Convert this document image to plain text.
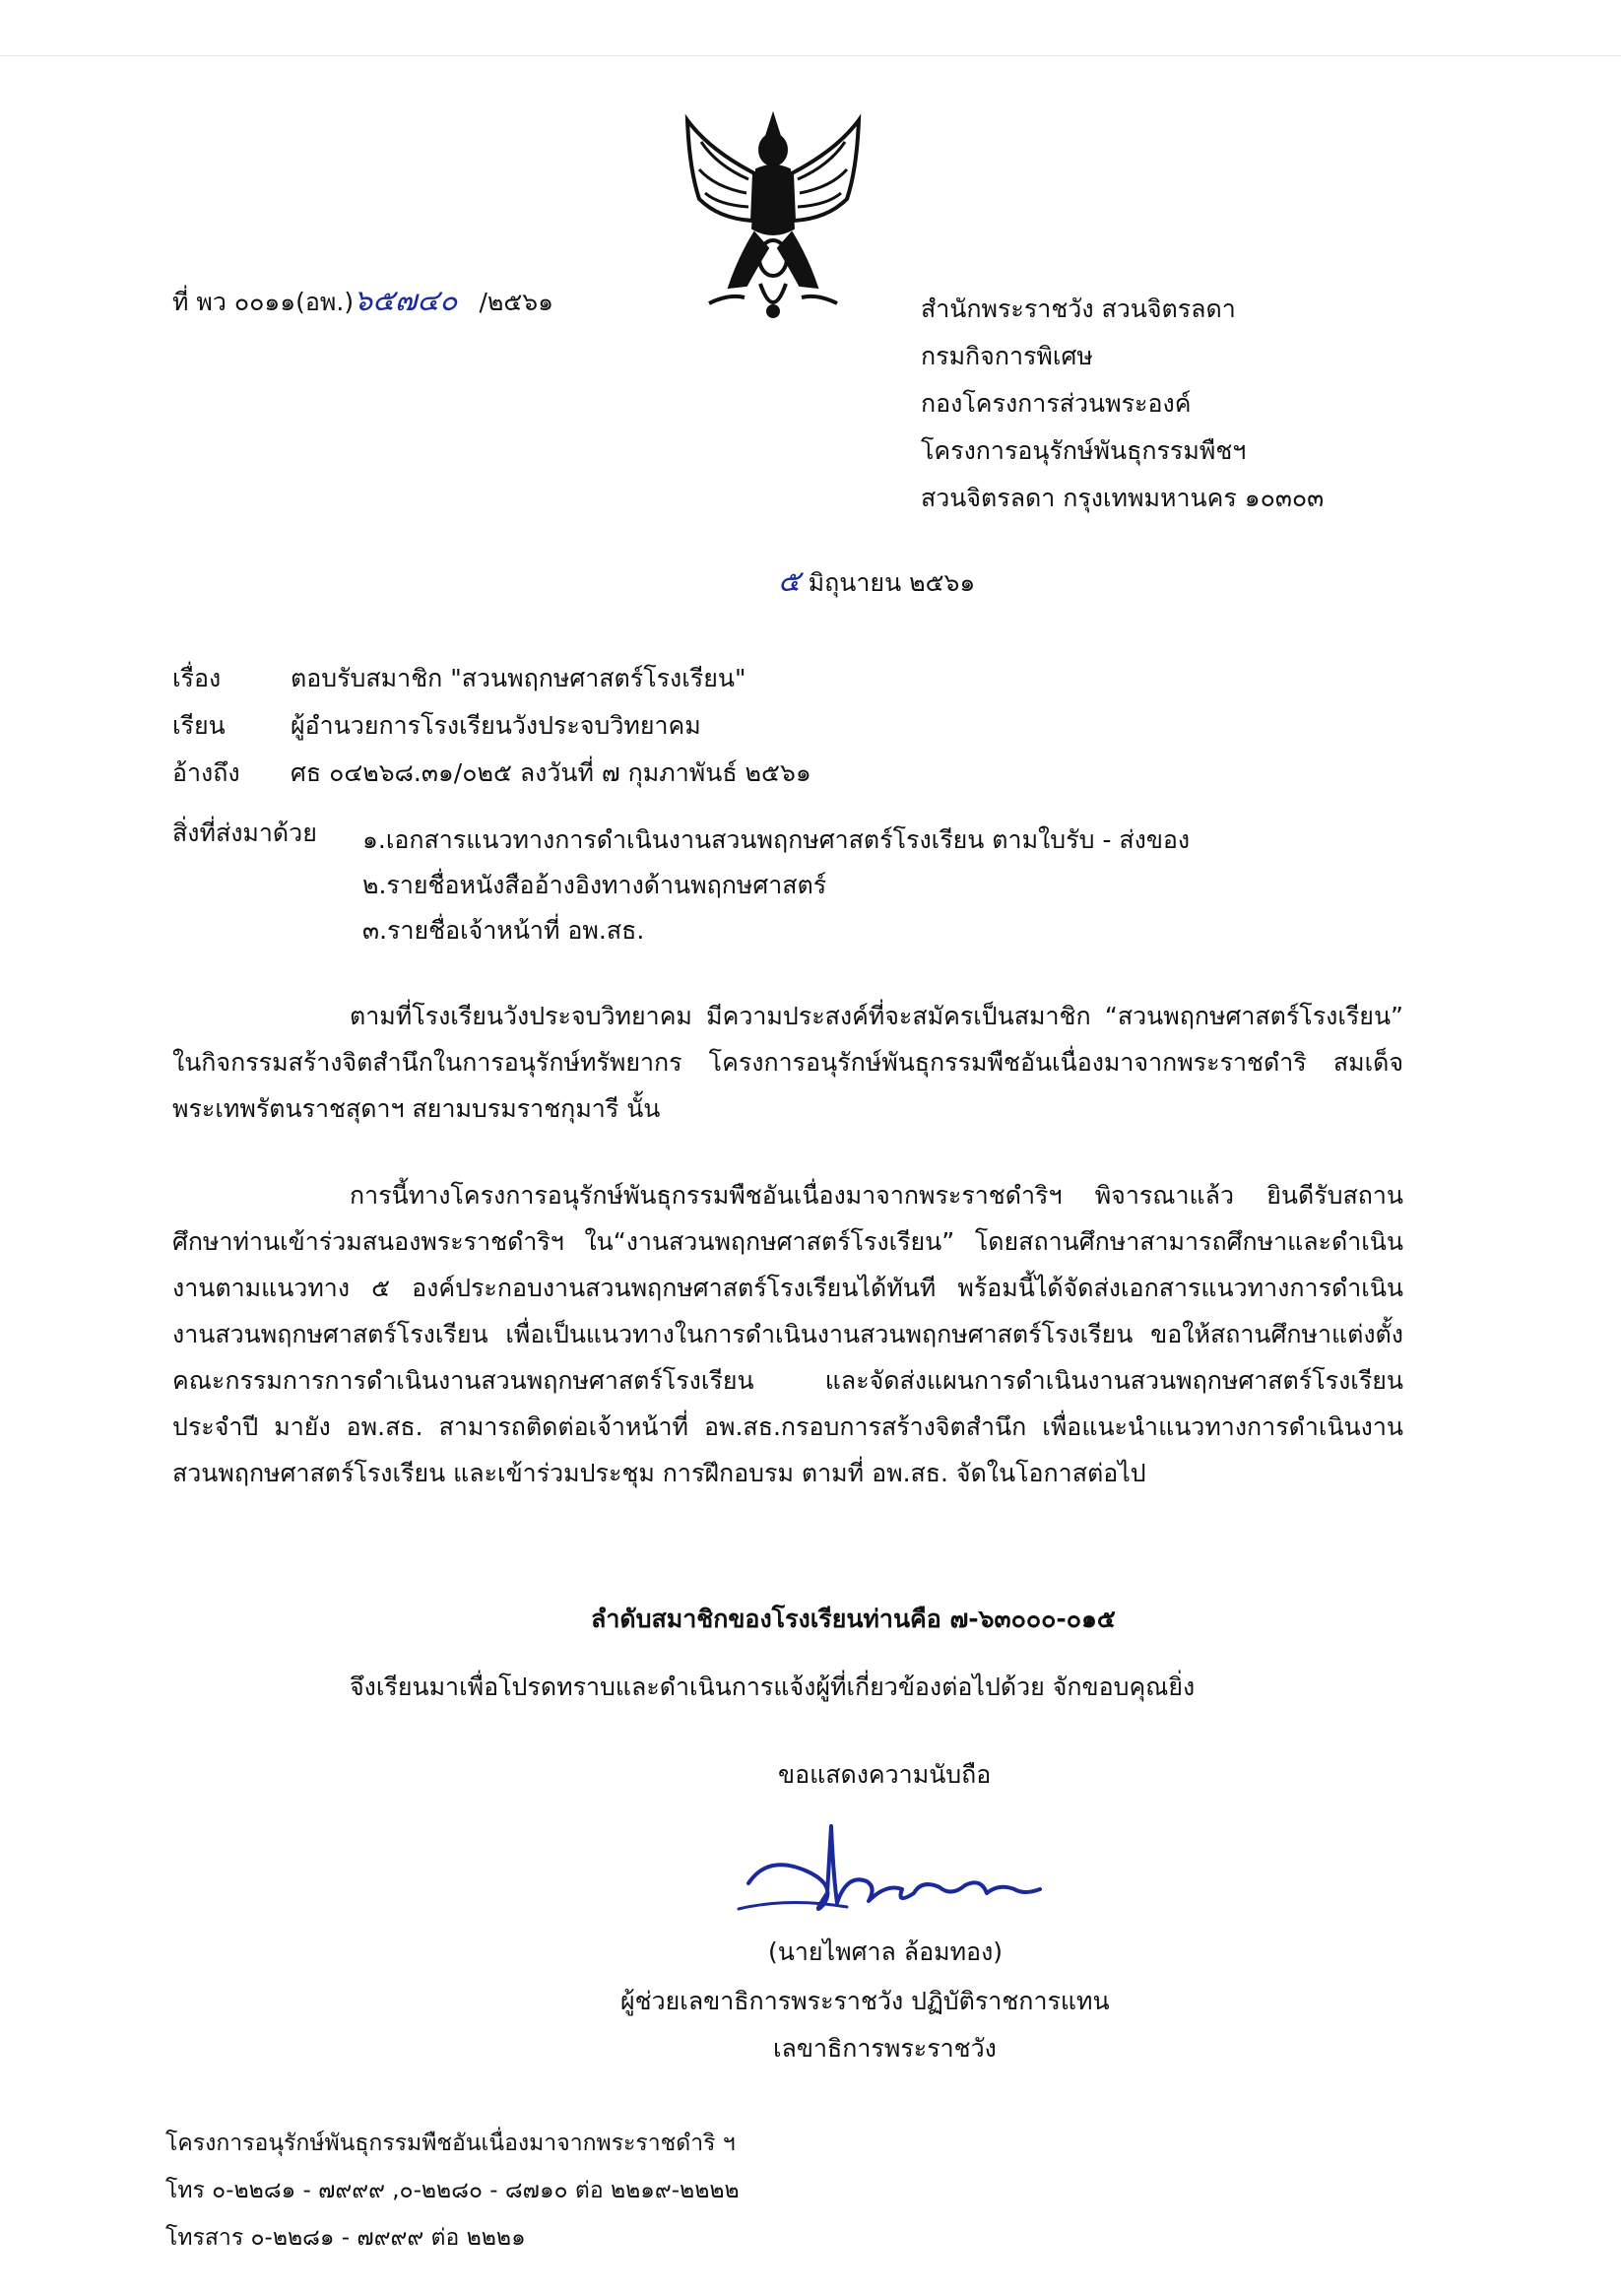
ที่ พว ๐๐๑๑(อพ.)๖๕๗๔๐ /๒๕๖๑	สำนักพระราชวัง สวนจิตรลดา
กรมกิจการพิเศษ
กองโครงการส่วนพระองค์
โครงการอนุรักษ์พันธุกรรมพืชฯ
สวนจิตรลดา กรุงเทพมหานคร ๑๐๓๐๓
๕ มิถุนายน ๒๕๖๑
เรื่อง	ตอบรับสมาชิก "สวนพฤกษศาสตร์โรงเรียน"
เรียน	ผู้อำนวยการโรงเรียนวังประจบวิทยาคม
อ้างถึง ศธ ๐๔๒๖๘.๓๑/๐๒๕ ลงวันที่ ๗ กุมภาพันธ์ ๒๕๖๑
สิ่งที่ส่งมาด้วย ๑.เอกสารแนวทางการดำเนินงานสวนพฤกษศาสตร์โรงเรียน ตามใบรับ - ส่งของ
๒.รายชื่อหนังสืออ้างอิงทางด้านพฤกษศาสตร์
๓.รายชื่อเจ้าหน้าที่ อพ.สธ.
ตามที่โรงเรียนวังประจบวิทยาคม มีความประสงค์ที่จะสมัครเป็นสมาชิก “สวนพฤกษศาสตร์โรงเรียน” ในกิจกรรมสร้างจิตสำนึกในการอนุรักษ์ทรัพยากร โครงการอนุรักษ์พันธุกรรมพืชอันเนื่องมาจากพระราชดำริ สมเด็จพระเทพรัตนราชสุดาฯ สยามบรมราชกุมารี นั้น
การนี้ทางโครงการอนุรักษ์พันธุกรรมพืชอันเนื่องมาจากพระราชดำริฯ พิจารณาแล้ว ยินดีรับสถานศึกษาท่านเข้าร่วมสนองพระราชดำริฯ ใน“งานสวนพฤกษศาสตร์โรงเรียน” โดยสถานศึกษาสามารถศึกษาและดำเนินงานตามแนวทาง ๕ องค์ประกอบงานสวนพฤกษศาสตร์โรงเรียนได้ทันที พร้อมนี้ได้จัดส่งเอกสารแนวทางการดำเนินงานสวนพฤกษศาสตร์โรงเรียน เพื่อเป็นแนวทางในการดำเนินงานสวนพฤกษศาสตร์โรงเรียน ขอให้สถานศึกษาแต่งตั้งคณะกรรมการการดำเนินงานสวนพฤกษศาสตร์โรงเรียน และจัดส่งแผนการดำเนินงานสวนพฤกษศาสตร์โรงเรียนประจำปี มายัง อพ.สธ. สามารถติดต่อเจ้าหน้าที่ อพ.สธ.กรอบการสร้างจิตสำนึก เพื่อแนะนำแนวทางการดำเนินงานสวนพฤกษศาสตร์โรงเรียน และเข้าร่วมประชุม การฝึกอบรม ตามที่ อพ.สธ. จัดในโอกาสต่อไป
ลำดับสมาชิกของโรงเรียนท่านคือ ๗-๖๓๐๐๐-๐๑๕
จึงเรียนมาเพื่อโปรดทราบและดำเนินการแจ้งผู้ที่เกี่ยวข้องต่อไปด้วย จักขอบคุณยิ่ง
ขอแสดงความนับถือ
(นายไพศาล ล้อมทอง)
ผู้ช่วยเลขาธิการพระราชวัง ปฏิบัติราชการแทน
เลขาธิการพระราชวัง
โครงการอนุรักษ์พันธุกรรมพืชอันเนื่องมาจากพระราชดำริ ฯ
โทร ๐-๒๒๘๑ - ๗๙๙๙ ,๐-๒๒๘๐ - ๘๗๑๐ ต่อ ๒๒๑๙-๒๒๒๒
โทรสาร ๐-๒๒๘๑ - ๗๙๙๙ ต่อ ๒๒๒๑
